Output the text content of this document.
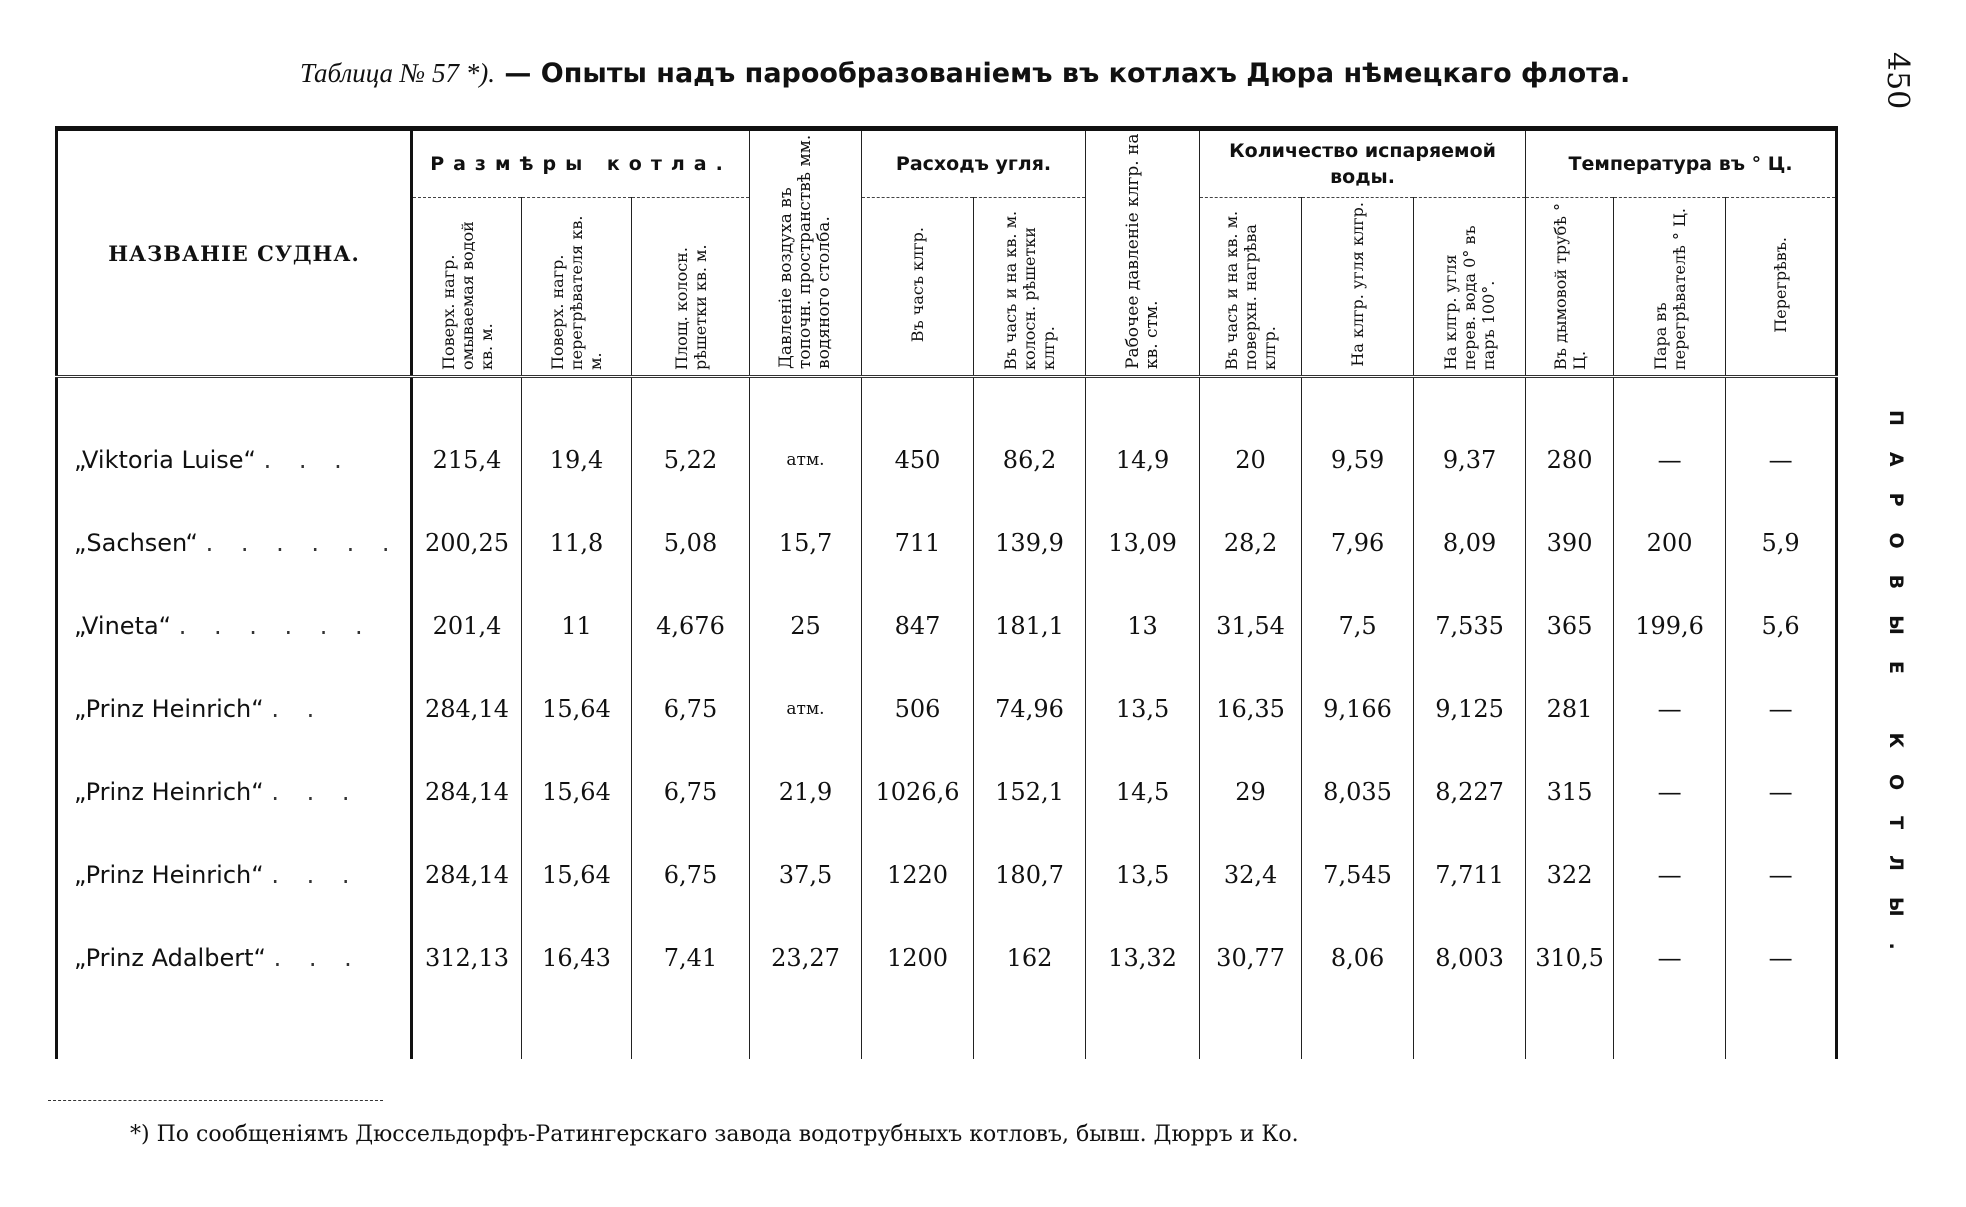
Таблица № 57 *). — Опыты надъ парообразованіемъ въ котлахъ Дюра нѣмецкаго флота.	450
ПАРОВЫЕ КОТЛЫ.
НАЗВАНІЕ СУДНА.	Размѣры котла.			Давленіе воздуха въ топочн. пространствѣ мм. водяного столба.	Расходъ угля.		Рабочее давленіе клгр. на кв. стм.	Количество испаряемой воды.			Температура въ ° Ц.		
	Поверх. нагр. омываемая водой кв. м.	Поверх. нагр. перегрѣвателя кв. м.	Площ. колосн. рѣшетки кв. м.		Въ часъ клгр.	Въ часъ и на кв. м. колосн. рѣшетки клгр.		Въ часъ и на кв. м. поверхн. нагрѣва клгр.	На клгр. угля клгр.	На клгр. угля перев. вода 0° въ паръ 100°.	Въ дымовой трубѣ ° Ц.	Пара въ перегрѣвателѣ ° Ц.	Перегрѣвъ.

„Viktoria Luise“ . . .	215,4	19,4	5,22	атм.	450	86,2	14,9	20	9,59	9,37	280	—	—
„Sachsen“ . . . . . .	200,25	11,8	5,08	15,7	711	139,9	13,09	28,2	7,96	8,09	390	200	5,9
„Vineta“ . . . . . .	201,4	11	4,676	25	847	181,1	13	31,54	7,5	7,535	365	199,6	5,6
„Prinz Heinrich“ . .	284,14	15,64	6,75	атм.	506	74,96	13,5	16,35	9,166	9,125	281	—	—
„Prinz Heinrich“ . . .	284,14	15,64	6,75	21,9	1026,6	152,1	14,5	29	8,035	8,227	315	—	—
„Prinz Heinrich“ . . .	284,14	15,64	6,75	37,5	1220	180,7	13,5	32,4	7,545	7,711	322	—	—
„Prinz Adalbert“ . . .	312,13	16,43	7,41	23,27	1200	162	13,32	30,77	8,06	8,003	310,5	—	—

*) По сообщеніямъ Дюссельдорфъ-Ратингерскаго завода водотрубныхъ котловъ, бывш. Дюрръ и Ко.
